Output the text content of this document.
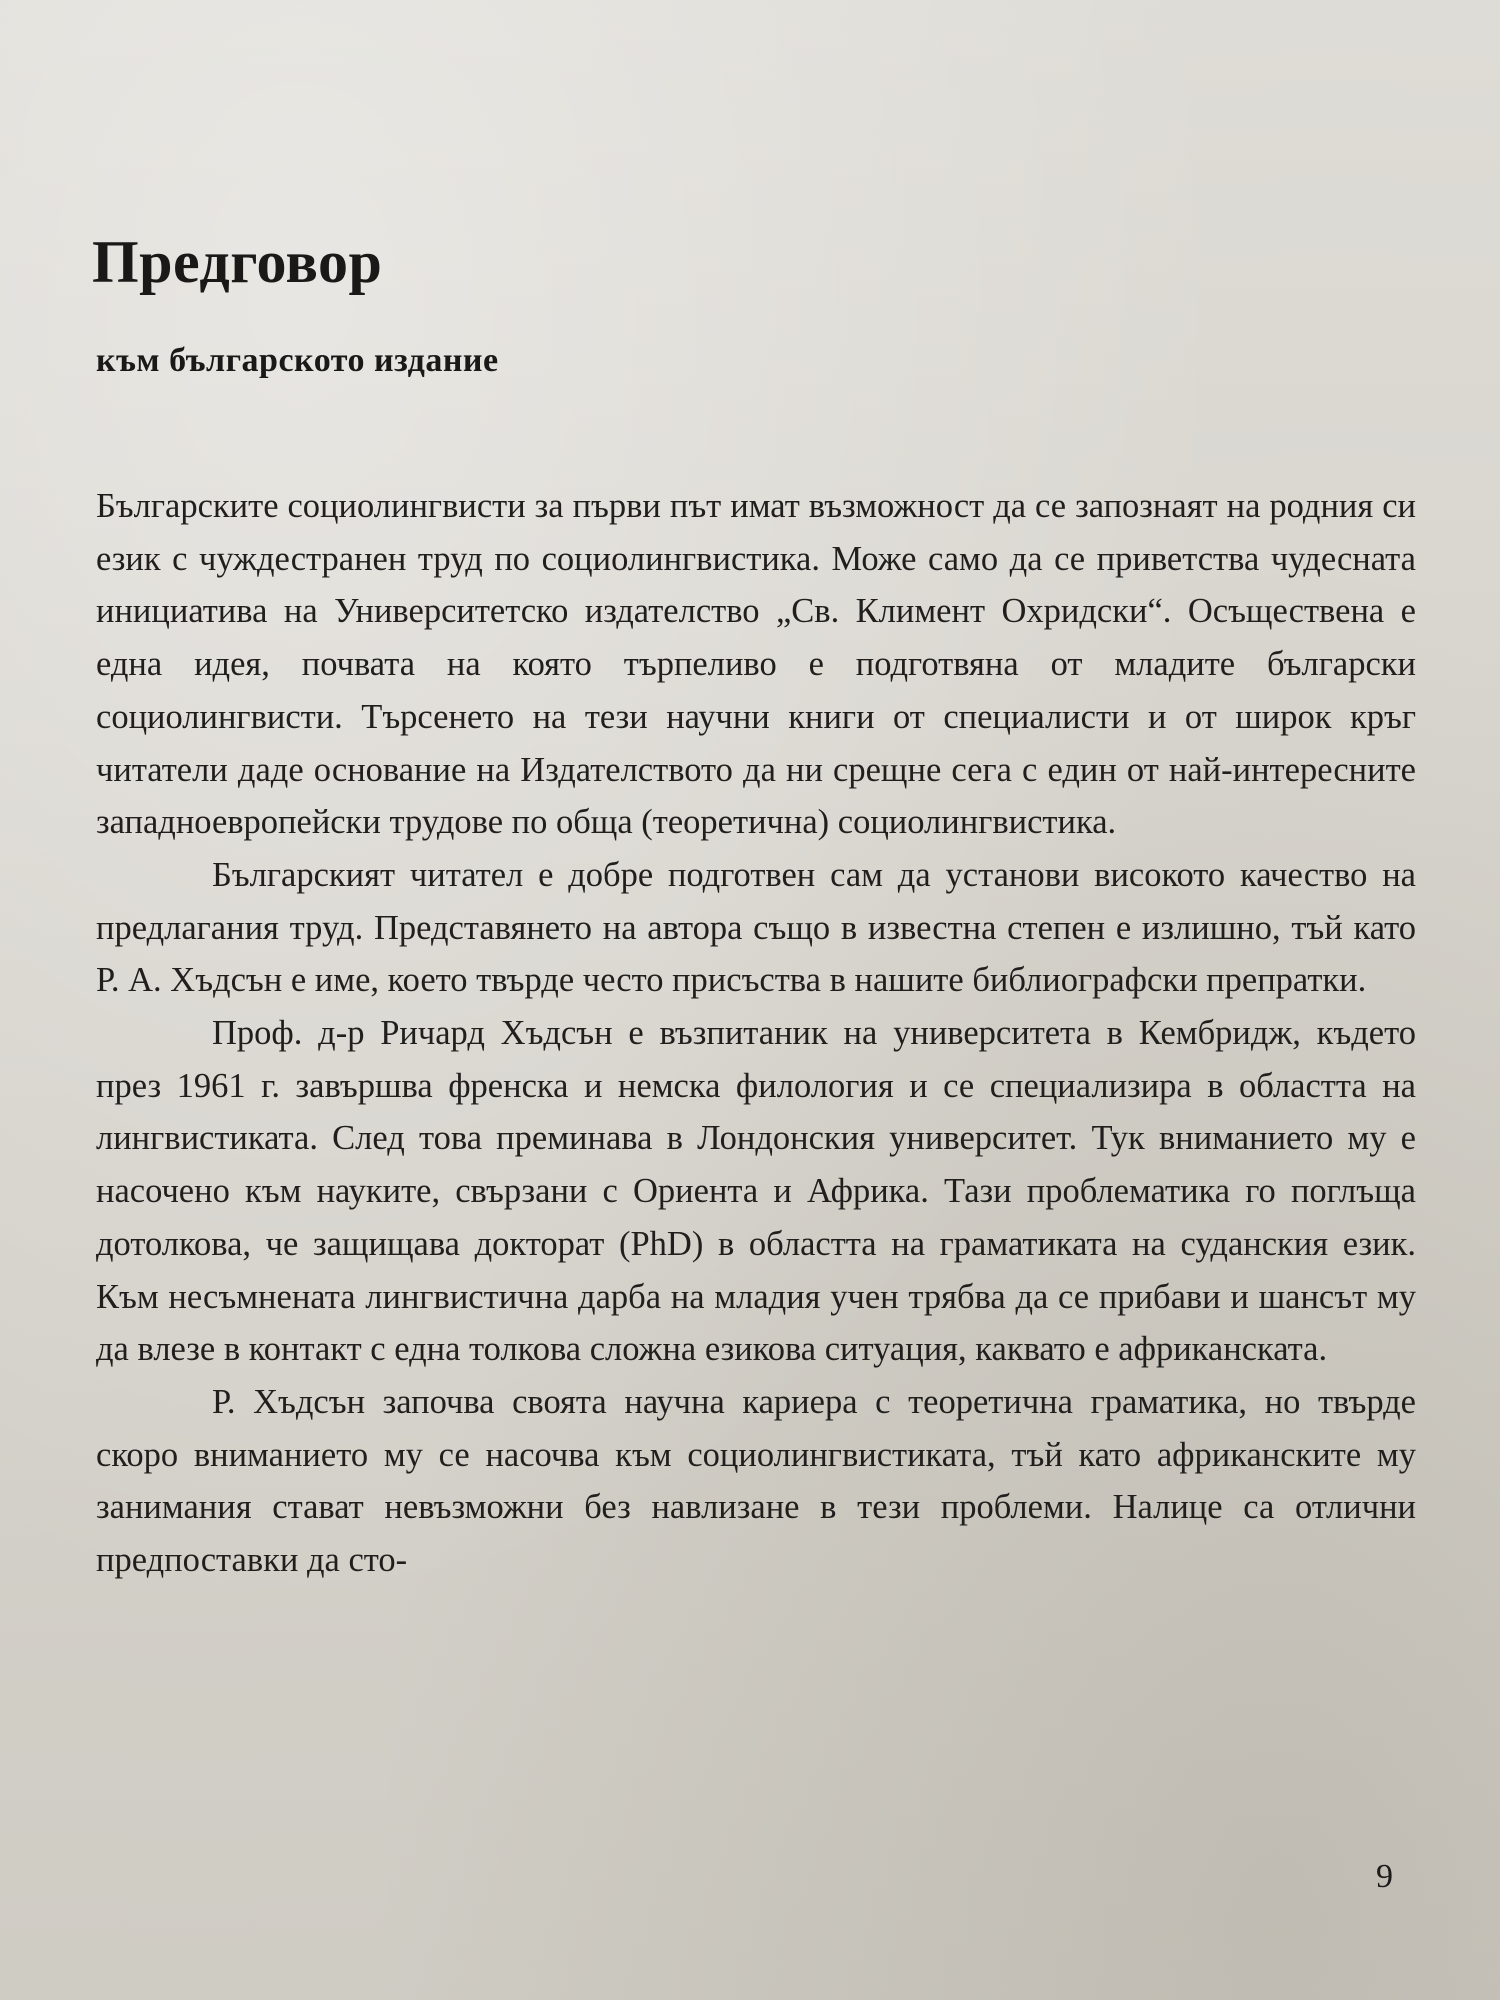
Предговор
към българското издание

Българските социолингвисти за първи път имат възможност да се запознаят на родния си език с чуждестранен труд по социолингвистика. Може само да се приветства чудесната инициатива на Университетско издателство „Св. Климент Охридски“. Осъществена е една идея, почвата на която търпеливо е подготвяна от младите български социолингвисти. Търсенето на тези научни книги от специалисти и от широк кръг читатели даде основание на Издателството да ни срещне сега с един от най-интересните западноевропейски трудове по обща (теоретична) социолингвистика.

Българският читател е добре подготвен сам да установи високото качество на предлагания труд. Представянето на автора също в известна степен е излишно, тъй като Р. А. Хъдсън е име, което твърде често присъства в нашите библиографски препратки.

Проф. д-р Ричард Хъдсън е възпитаник на университета в Кембридж, където през 1961 г. завършва френска и немска филология и се специализира в областта на лингвистиката. След това преминава в Лондонския университет. Тук вниманието му е насочено към науките, свързани с Ориента и Африка. Тази проблематика го поглъща дотолкова, че защищава докторат (PhD) в областта на граматиката на суданския език. Към несъмнената лингвистична дарба на младия учен трябва да се прибави и шансът му да влезе в контакт с една толкова сложна езикова ситуация, каквато е африканската.

Р. Хъдсън започва своята научна кариера с теоретична граматика, но твърде скоро вниманието му се насочва към социолингвистиката, тъй като африканските му занимания стават невъзможни без навлизане в тези проблеми. Налице са отлични предпоставки да сто-

9
